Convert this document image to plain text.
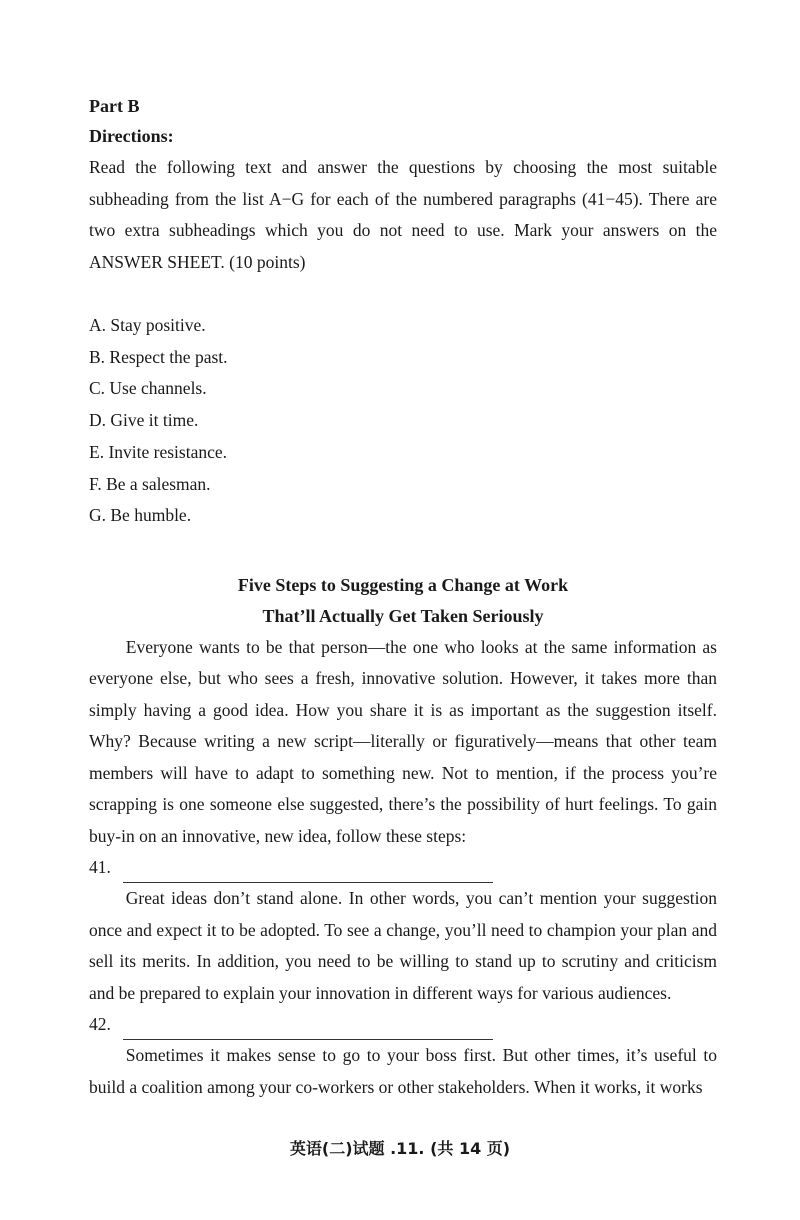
Part B

Directions:

Read the following text and answer the questions by choosing the most suitable subheading from the list A−G for each of the numbered paragraphs (41−45). There are two extra subheadings which you do not need to use. Mark your answers on the ANSWER SHEET. (10 points)

A. Stay positive.
B. Respect the past.
C. Use channels.
D. Give it time.
E. Invite resistance.
F. Be a salesman.
G. Be humble.

Five Steps to Suggesting a Change at Work

That’ll Actually Get Taken Seriously

Everyone wants to be that person—the one who looks at the same information as everyone else, but who sees a fresh, innovative solution. However, it takes more than simply having a good idea. How you share it is as important as the suggestion itself. Why? Because writing a new script—literally or figuratively—means that other team members will have to adapt to something new. Not to mention, if the process you’re scrapping is one someone else suggested, there’s the possibility of hurt feelings. To gain buy-in on an innovative, new idea, follow these steps:

41.

Great ideas don’t stand alone. In other words, you can’t mention your suggestion once and expect it to be adopted. To see a change, you’ll need to champion your plan and sell its merits. In addition, you need to be willing to stand up to scrutiny and criticism and be prepared to explain your innovation in different ways for various audiences.

42.

Sometimes it makes sense to go to your boss first. But other times, it’s useful to build a coalition among your co-workers or other stakeholders. When it works, it works

英语(二)试题 .11. (共 14 页)
